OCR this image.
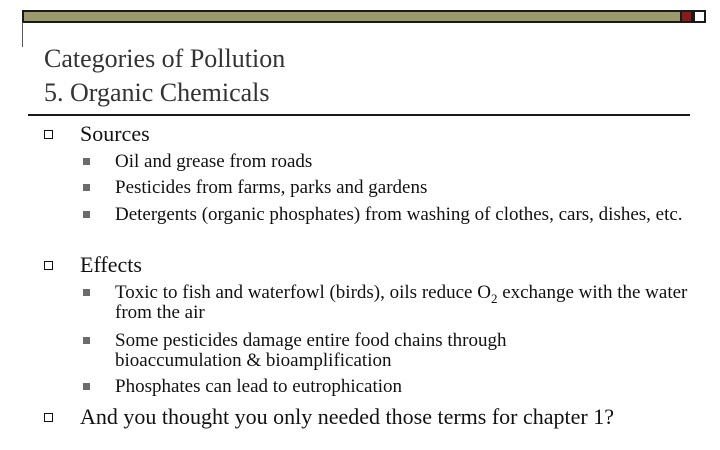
Categories of Pollution
5. Organic Chemicals
Sources
Oil and grease from roads
Pesticides from farms, parks and gardens
Detergents (organic phosphates) from washing of clothes, cars, dishes, etc.
Effects
Toxic to fish and waterfowl (birds), oils reduce $O_2$ exchange with the water from the air
Some pesticides damage entire food chains through bioaccumulation & bioamplification
Phosphates can lead to eutrophication
And you thought you only needed those terms for chapter 1?
